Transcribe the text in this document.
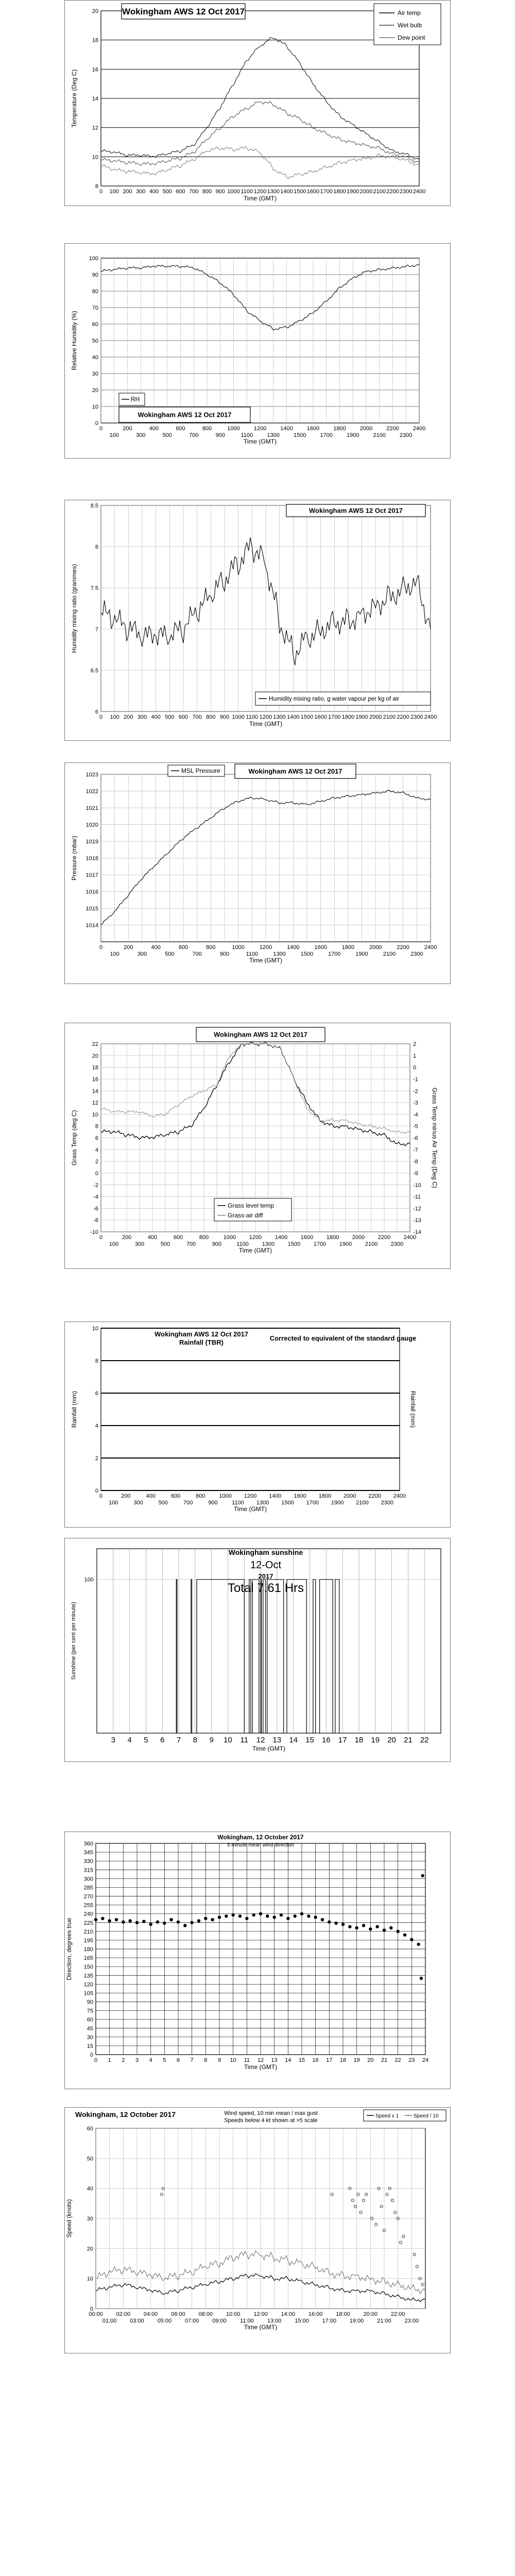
8
10
12
14
16
18
20
0 100 200 300 400 500 600 700 800 900 1000 1100 1200 1300 1400 1500 1600 1700 1800 1900 2000 2100 2200 2300 2400
Time (GMT)
Temperature (Deg C)
Wokingham AWS 12 Oct 2017	Air temp
Wet bulb
Dew point
0
10
20
30
40
50
60
70
80
90
100
0	200	400	600	800	1000 1200 1400 1600 1800 2000 2200 2400
100	300	500	700	900	1100 1300 1500 1700 1900 2100 2300
Time (GMT)
Relative Humidity (%)
RH
Wokingham AWS 12 Oct 2017
6
6.5
7
7.5
8
8.5
0 100 200 300 400 500 600 700 800 900 1000 1100 1200 1300 1400 1500 1600 1700 1800 1900 2000 2100 2200 2300 2400
Time (GMT)
Humidity mixing ratio (grammes)
Wokingham AWS 12 Oct 2017
Humidity mixing ratio, g water vapour per kg of air
1014
1015
1016
1017
1018
1019
1020
1021
1022
1023
0	200	400	600	800	1000	1200	1400	1600	1800	2000	2200	2400
100	300	500	700	900	1100	1300	1500	1700	1900	2100	2300
Time (GMT)
Pressure (mbar)
MSL Pressure	Wokingham AWS 12 Oct 2017
-10
-8
-6
-4
-2
0
2
4
6
8
10
12
14
16
18
20
22
0	200	400	600	800	1000 1200 1400 1600 1800 2000 2200 2400
100	300	500	700	900	1100 1300 1500 1700 1900 2100 2300
Time (GMT)
Grass Temp (deg C)
-14
-13
-12
-11
-10
-9
-8
-7
-6
-5
-4
-3
-2
-1
0
1
2
Grass Temp minus Air Temp (Deg C)
Wokingham AWS 12 Oct 2017
Grass level temp
Grass-air diff
0
2
4
6
8
10
0	200	400	600	800 1000 1200 1400 1600 1800 2000 2200 2400
100	300	500	700	900 1100 1300 1500 1700 1900 2100 2300
Time (GMT)
Rainfall (mm)	Rainfall (mm)
Wokingham AWS 12 Oct 2017
Rainfall (TBR)
Corrected to equivalent of the standard gauge
3 4 5 6 7 8 9 10 11 12 13 14 15 16 17 18 19 20 21 22
100
Time (GMT)
Sunshine (per cent per minute)
Wokingham sunshine
12-Oct
2017
Total 7.61 Hrs
0
15
30
45
60
75
90
105
120
135
150
165
180
195
210
225
240
255
270
285
300
315
330
345
360
0 1 2 3 4 5 6 7 8 9 10 11 12 13 14 15 16 17 18 19 20 21 22 23 24
Time (GMT)
Direction, degrees true
Wokingham, 12 October 2017
5 minute mean wind direction
0
10
20
30
40
50
60
00:00 02:00 04:00 06:00 08:00 10:00 12:00 14:00 16:00 18:00 20:00 22:00
01:00 03:00 05:00 07:00 09:00 11:00 13:00 15:00 17:00 19:00 21:00 23:00
Time (GMT)
Speed (knots)
Wokingham, 12 October 2017	Wind speed, 10 min mean / max gust
Speeds below 4 kt shown at ×5 scale
Speed x 1	Speed / 10
